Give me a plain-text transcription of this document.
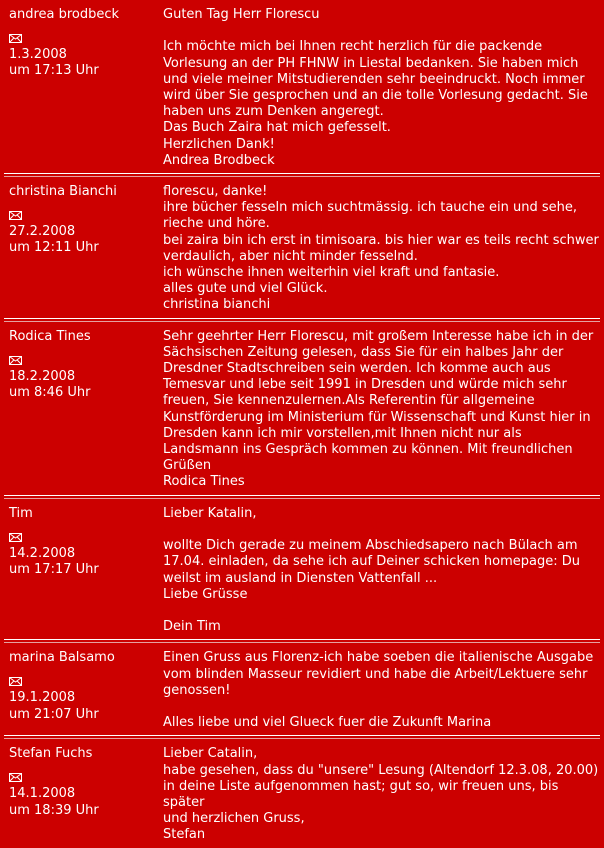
andrea brodbeck
1.3.2008
um 17:13 Uhr
Guten Tag Herr Florescu

Ich möchte mich bei Ihnen recht herzlich für die packende Vorlesung an der PH FHNW in Liestal bedanken. Sie haben mich und viele meiner Mitstudierenden sehr beeindruckt. Noch immer wird über Sie gesprochen und an die tolle Vorlesung gedacht. Sie haben uns zum Denken angeregt.
Das Buch Zaira hat mich gefesselt.
Herzlichen Dank!
Andrea Brodbeck
christina Bianchi
27.2.2008
um 12:11 Uhr
florescu, danke!
ihre bücher fesseln mich suchtmässig. ich tauche ein und sehe, rieche und höre.
bei zaira bin ich erst in timisoara. bis hier war es teils recht schwer verdaulich, aber nicht minder fesselnd.
ich wünsche ihnen weiterhin viel kraft und fantasie.
alles gute und viel Glück.
christina bianchi
Rodica Tines
18.2.2008
um 8:46 Uhr
Sehr geehrter Herr Florescu, mit großem Interesse habe ich in der Sächsischen Zeitung gelesen, dass Sie für ein halbes Jahr der Dresdner Stadtschreiben sein werden. Ich komme auch aus Temesvar und lebe seit 1991 in Dresden und würde mich sehr freuen, Sie kennenzulernen.Als Referentin für allgemeine Kunstförderung im Ministerium für Wissenschaft und Kunst hier in Dresden kann ich mir vorstellen,mit Ihnen nicht nur als Landsmann ins Gespräch kommen zu können. Mit freundlichen Grüßen
Rodica Tines
Tim
14.2.2008
um 17:17 Uhr
Lieber Katalin,

wollte Dich gerade zu meinem Abschiedsapero nach Bülach am 17.04. einladen, da sehe ich auf Deiner schicken homepage: Du weilst im ausland in Diensten Vattenfall ...
Liebe Grüsse

Dein Tim
marina Balsamo
19.1.2008
um 21:07 Uhr
Einen Gruss aus Florenz-ich habe soeben die italienische Ausgabe vom blinden Masseur revidiert und habe die Arbeit/Lektuere sehr genossen!

Alles liebe und viel Glueck fuer die Zukunft Marina
Stefan Fuchs
14.1.2008
um 18:39 Uhr
Lieber Catalin,
habe gesehen, dass du "unsere" Lesung (Altendorf 12.3.08, 20.00)
in deine Liste aufgenommen hast; gut so, wir freuen uns, bis später
und herzlichen Gruss,
Stefan
